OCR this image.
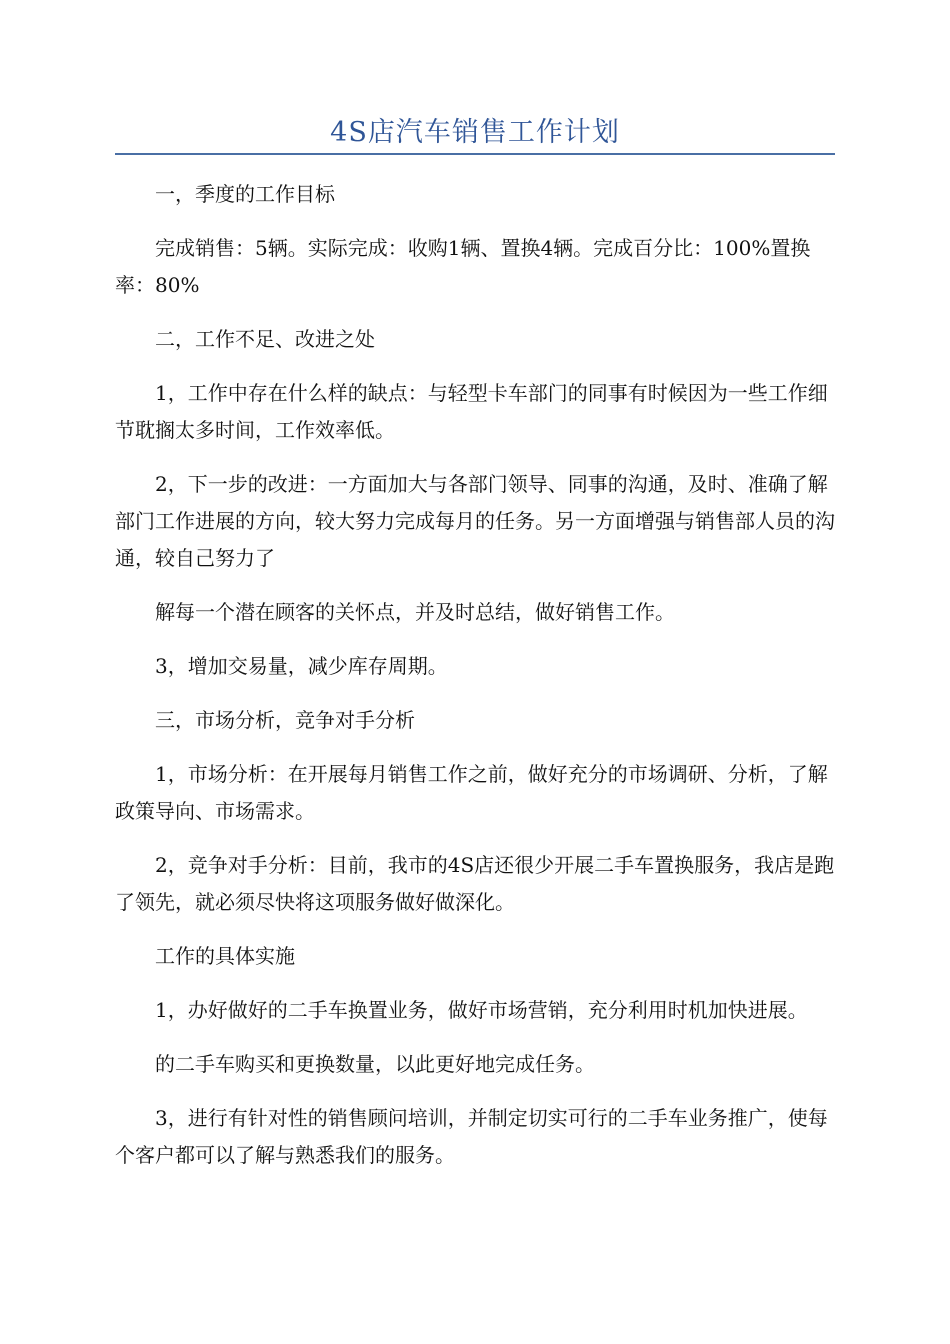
4S店汽车销售工作计划

一，季度的工作目标

完成销售：5辆。实际完成：收购1辆、置换4辆。完成百分比：100%置换率：80%

二，工作不足、改进之处

1，工作中存在什么样的缺点：与轻型卡车部门的同事有时候因为一些工作细节耽搁太多时间，工作效率低。

2，下一步的改进：一方面加大与各部门领导、同事的沟通，及时、准确了解部门工作进展的方向，较大努力完成每月的任务。另一方面增强与销售部人员的沟通，较自己努力了

解每一个潜在顾客的关怀点，并及时总结，做好销售工作。

3，增加交易量，减少库存周期。

三，市场分析，竞争对手分析

1，市场分析：在开展每月销售工作之前，做好充分的市场调研、分析，了解政策导向、市场需求。

2，竞争对手分析：目前，我市的4S店还很少开展二手车置换服务，我店是跑了领先，就必须尽快将这项服务做好做深化。

工作的具体实施

1，办好做好的二手车换置业务，做好市场营销，充分利用时机加快进展。

的二手车购买和更换数量，以此更好地完成任务。

3，进行有针对性的销售顾问培训，并制定切实可行的二手车业务推广，使每个客户都可以了解与熟悉我们的服务。
